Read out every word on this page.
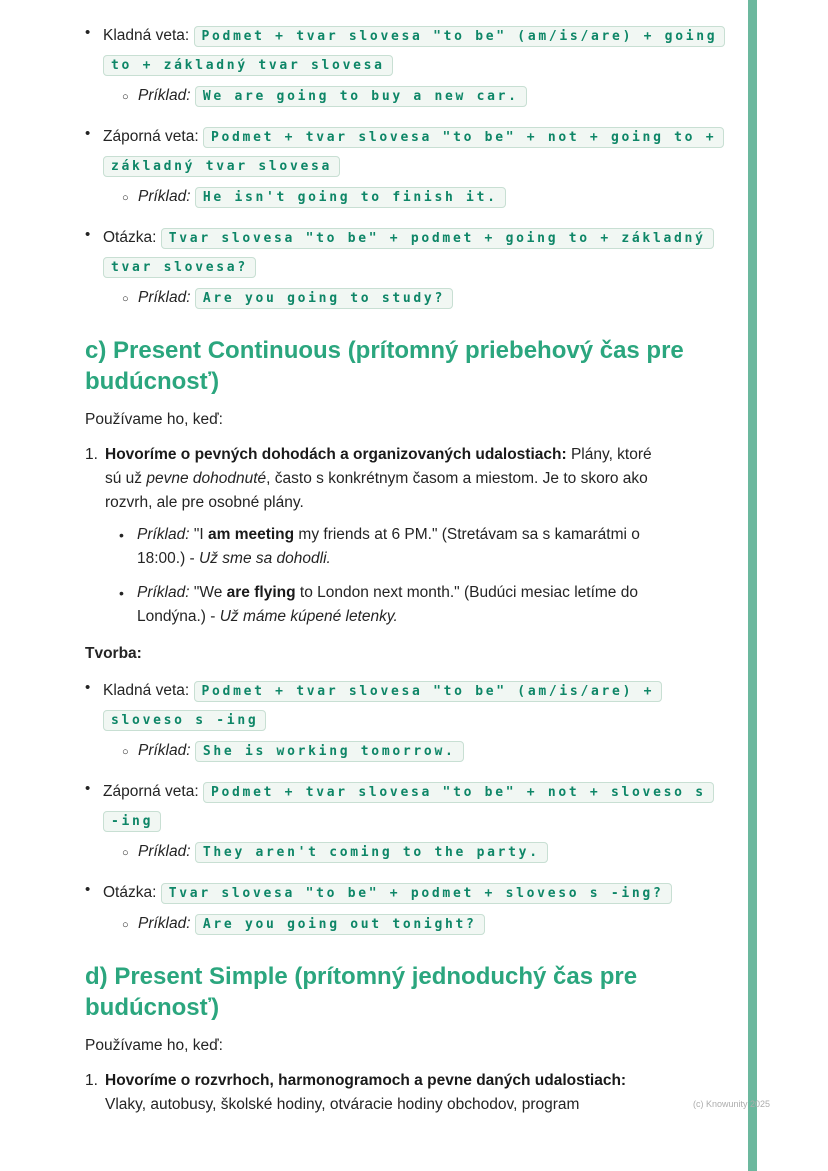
• Kladná veta: Podmet + tvar slovesa "to be" (am/is/are) + going to + základný tvar slovesa
○ Príklad: We are going to buy a new car.
• Záporná veta: Podmet + tvar slovesa "to be" + not + going to + základný tvar slovesa
○ Príklad: He isn't going to finish it.
• Otázka: Tvar slovesa "to be" + podmet + going to + základný tvar slovesa?
○ Príklad: Are you going to study?
c) Present Continuous (prítomný priebehový čas pre budúcnosť)

Používame ho, keď:

1. Hovoríme o pevných dohodách a organizovaných udalostiach: Plány, ktoré sú už pevne dohodnuté, často s konkrétnym časom a miestom. Je to skoro ako rozvrh, ale pre osobné plány.
• Príklad: "I am meeting my friends at 6 PM." (Stretávam sa s kamarátmi o 18:00.) - Už sme sa dohodli.
• Príklad: "We are flying to London next month." (Budúci mesiac letíme do Londýna.) - Už máme kúpené letenky.

Tvorba:

• Kladná veta: Podmet + tvar slovesa "to be" (am/is/are) + sloveso s -ing
○ Príklad: She is working tomorrow.
• Záporná veta: Podmet + tvar slovesa "to be" + not + sloveso s -ing
○ Príklad: They aren't coming to the party.
• Otázka: Tvar slovesa "to be" + podmet + sloveso s -ing?
○ Príklad: Are you going out tonight?
d) Present Simple (prítomný jednoduchý čas pre budúcnosť)

Používame ho, keď:

1. Hovoríme o rozvrhoch, harmonogramoch a pevne daných udalostiach: Vlaky, autobusy, školské hodiny, otváracie hodiny obchodov, program	(c) Knowunity 2025
